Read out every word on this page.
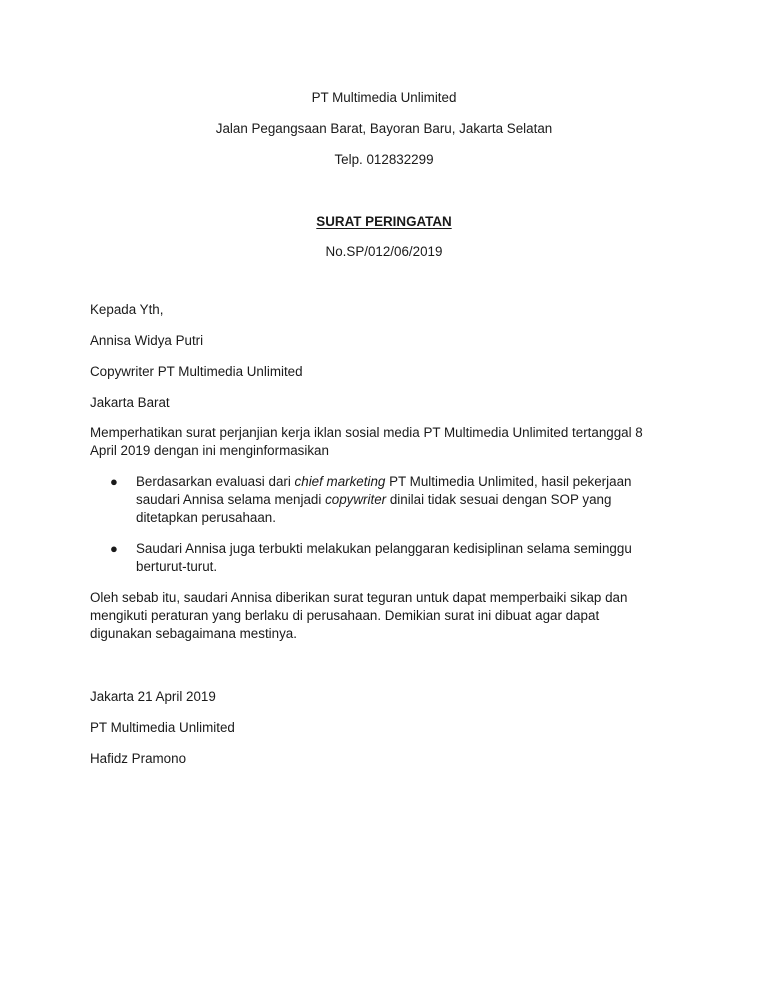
PT Multimedia Unlimited
Jalan Pegangsaan Barat, Bayoran Baru, Jakarta Selatan
Telp. 012832299
SURAT PERINGATAN
No.SP/012/06/2019
Kepada Yth,
Annisa Widya Putri
Copywriter PT Multimedia Unlimited
Jakarta Barat
Memperhatikan surat perjanjian kerja iklan sosial media PT Multimedia Unlimited tertanggal 8
April 2019 dengan ini menginformasikan
● Berdasarkan evaluasi dari chief marketing PT Multimedia Unlimited, hasil pekerjaan
saudari Annisa selama menjadi copywriter dinilai tidak sesuai dengan SOP yang
ditetapkan perusahaan.
● Saudari Annisa juga terbukti melakukan pelanggaran kedisiplinan selama seminggu
berturut-turut.
Oleh sebab itu, saudari Annisa diberikan surat teguran untuk dapat memperbaiki sikap dan
mengikuti peraturan yang berlaku di perusahaan. Demikian surat ini dibuat agar dapat
digunakan sebagaimana mestinya.
Jakarta 21 April 2019
PT Multimedia Unlimited
Hafidz Pramono
